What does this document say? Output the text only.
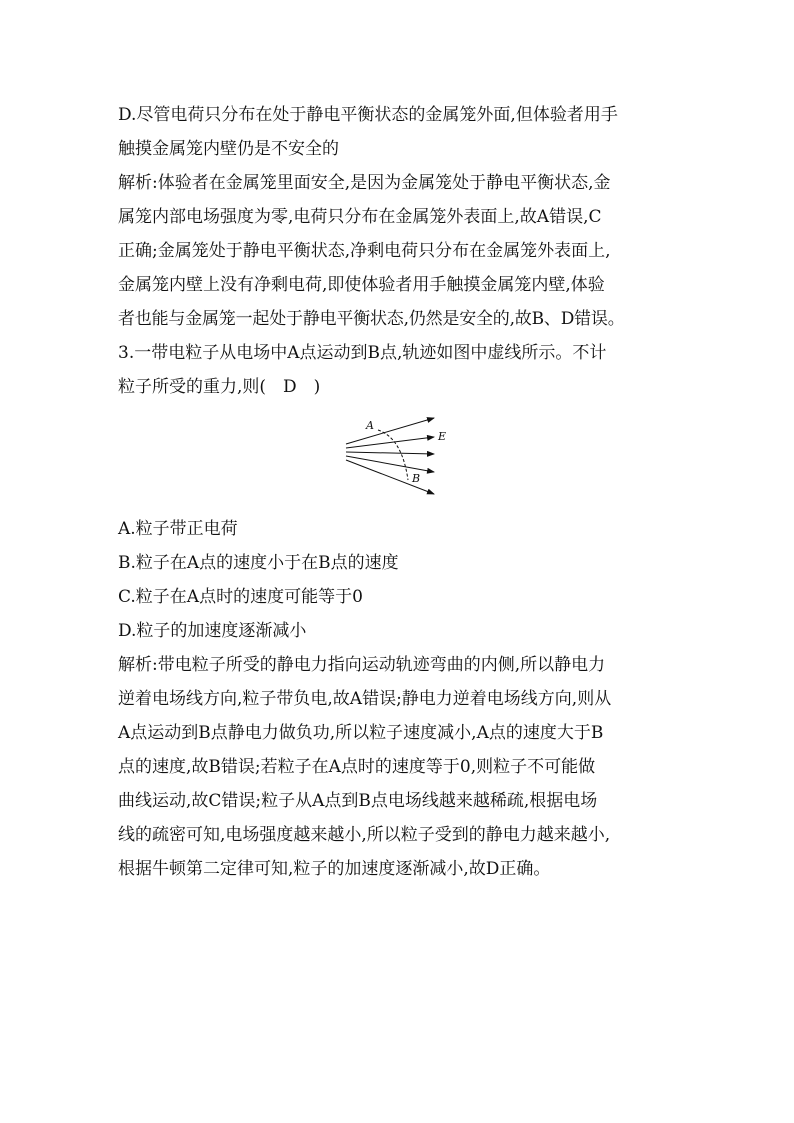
D.尽管电荷只分布在处于静电平衡状态的金属笼外面,但体验者用手

触摸金属笼内壁仍是不安全的

解析:体验者在金属笼里面安全,是因为金属笼处于静电平衡状态,金

属笼内部电场强度为零,电荷只分布在金属笼外表面上,故A错误,C

正确;金属笼处于静电平衡状态,净剩电荷只分布在金属笼外表面上,

金属笼内壁上没有净剩电荷,即使体验者用手触摸金属笼内壁,体验

者也能与金属笼一起处于静电平衡状态,仍然是安全的,故B、D错误。

3.一带电粒子从电场中A点运动到B点,轨迹如图中虚线所示。不计

粒子所受的重力,则(　D　)

A
B
E

A.粒子带正电荷

B.粒子在A点的速度小于在B点的速度

C.粒子在A点时的速度可能等于0

D.粒子的加速度逐渐减小

解析:带电粒子所受的静电力指向运动轨迹弯曲的内侧,所以静电力

逆着电场线方向,粒子带负电,故A错误;静电力逆着电场线方向,则从

A点运动到B点静电力做负功,所以粒子速度减小,A点的速度大于B

点的速度,故B错误;若粒子在A点时的速度等于0,则粒子不可能做

曲线运动,故C错误;粒子从A点到B点电场线越来越稀疏,根据电场

线的疏密可知,电场强度越来越小,所以粒子受到的静电力越来越小,

根据牛顿第二定律可知,粒子的加速度逐渐减小,故D正确。
